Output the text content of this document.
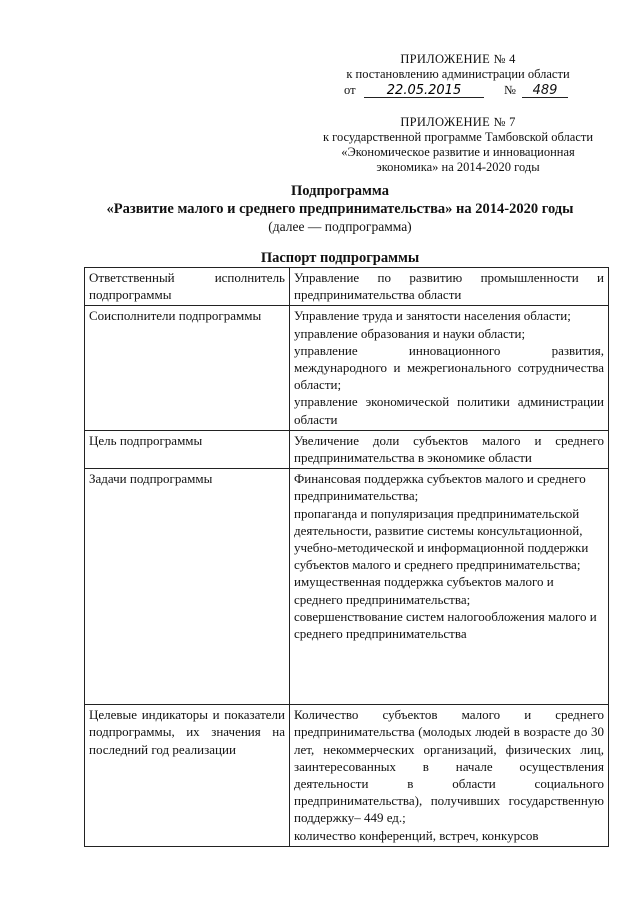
ПРИЛОЖЕНИЕ № 4
к постановлению администрации области
от	22.05.2015	№	489
ПРИЛОЖЕНИЕ № 7
к государственной программе Тамбовской области
«Экономическое развитие и инновационная
экономика» на 2014-2020 годы
Подпрограмма
«Развитие малого и среднего предпринимательства» на 2014-2020 годы
(далее — подпрограмма)
Паспорт подпрограммы
Ответственный исполнитель подпрограммы	Управление по развитию промышленности и предпринимательства области

Соисполнители подпрограммы	Управление труда и занятости населения области;
управление образования и науки области;
управление инновационного развития, международного и межрегионального сотрудничества области;
управление экономической политики администрации области

Цель подпрограммы	Увеличение доли субъектов малого и среднего предпринимательства в экономике области

Задачи подпрограммы	Финансовая поддержка субъектов малого и среднего предпринимательства;
пропаганда и популяризация предпринимательской деятельности, развитие системы консультационной, учебно-методической и информационной поддержки субъектов малого и среднего предпринимательства;
имущественная поддержка субъектов малого и среднего предпринимательства;
совершенствование систем налогообложения малого и среднего предпринимательства

Целевые индикаторы и показатели подпрограммы, их значения на последний год реализации	Количество субъектов малого и среднего предпринимательства (молодых людей в возрасте до 30 лет, некоммерческих организаций, физических лиц, заинтересованных в начале осуществления деятельности в области социального предпринимательства), получивших государственную поддержку– 449 ед.;
количество конференций, встреч, конкурсов
